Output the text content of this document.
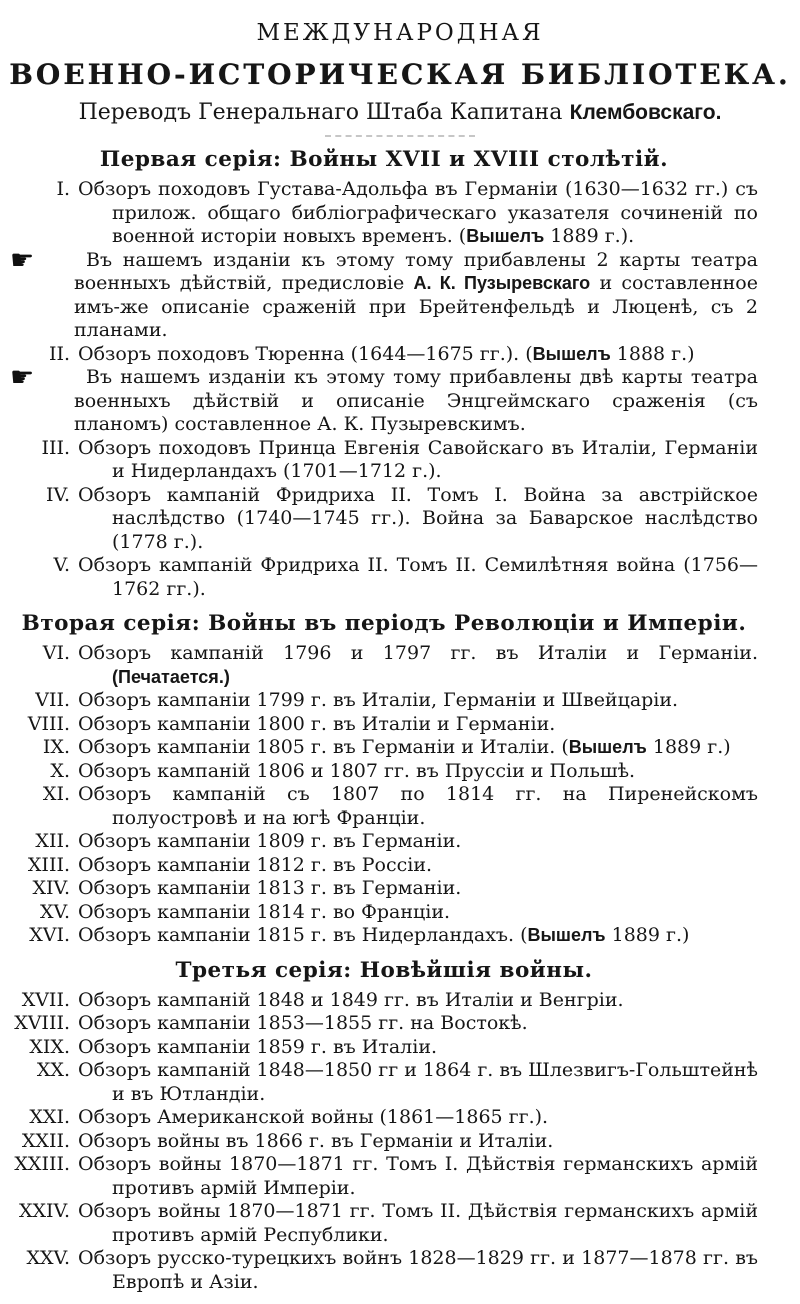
МЕЖДУНАРОДНАЯ
ВОЕННО-ИСТОРИЧЕСКАЯ БИБЛІОТЕКА.
Переводъ Генеральнаго Штаба Капитана Клембовскаго.
Первая серія: Войны XVII и XVIII столѣтій.
I. Обзоръ походовъ Густава-Адольфа въ Германіи (1630—1632 гг.) съ прилож. общаго библіографическаго указателя сочиненій по военной исторіи новыхъ временъ. (Вышелъ 1889 г.).
☛	Въ нашемъ изданіи къ этому тому прибавлены 2 карты театра военныхъ дѣйствій, предисловіе А. К. Пузыревскаго и составленное имъ-же описаніе сраженій при Брейтенфельдѣ и Люценѣ, съ 2 планами.
II. Обзоръ походовъ Тюренна (1644—1675 гг.). (Вышелъ 1888 г.)
☛	Въ нашемъ изданіи къ этому тому прибавлены двѣ карты театра военныхъ дѣйствій и описаніе Энцгеймскаго сраженія (съ планомъ) составленное А. К. Пузыревскимъ.
III. Обзоръ походовъ Принца Евгенія Савойскаго въ Италіи, Германіи и Нидерландахъ (1701—1712 г.).
IV. Обзоръ кампаній Фридриха II. Томъ I. Война за австрійское наслѣдство (1740—1745 гг.). Война за Баварское наслѣдство (1778 г.).
V. Обзоръ кампаній Фридриха II. Томъ II. Семилѣтняя война (1756—1762 гг.).
Вторая серія: Войны въ періодъ Революціи и Имперіи.
VI. Обзоръ кампаній 1796 и 1797 гг. въ Италіи и Германіи. (Печатается.)
VII. Обзоръ кампаніи 1799 г. въ Италіи, Германіи и Швейцаріи.
VIII. Обзоръ кампаніи 1800 г. въ Италіи и Германіи.
IX. Обзоръ кампаніи 1805 г. въ Германіи и Италіи. (Вышелъ 1889 г.)
X. Обзоръ кампаній 1806 и 1807 гг. въ Пруссіи и Польшѣ.
XI. Обзоръ кампаній съ 1807 по 1814 гг. на Пиренейскомъ полуостровѣ и на югѣ Франціи.
XII. Обзоръ кампаніи 1809 г. въ Германіи.
XIII. Обзоръ кампаніи 1812 г. въ Россіи.
XIV. Обзоръ кампаніи 1813 г. въ Германіи.
XV. Обзоръ кампаніи 1814 г. во Франціи.
XVI. Обзоръ кампаніи 1815 г. въ Нидерландахъ. (Вышелъ 1889 г.)
Третья серія: Новѣйшія войны.
XVII. Обзоръ кампаній 1848 и 1849 гг. въ Италіи и Венгріи.
XVIII. Обзоръ кампаніи 1853—1855 гг. на Востокѣ.
XIX. Обзоръ кампаніи 1859 г. въ Италіи.
XX. Обзоръ кампаній 1848—1850 гг и 1864 г. въ Шлезвигъ-Гольштейнѣ и въ Ютландіи.
XXI. Обзоръ Американской войны (1861—1865 гг.).
XXII. Обзоръ войны въ 1866 г. въ Германіи и Италіи.
XXIII. Обзоръ войны 1870—1871 гг. Томъ I. Дѣйствія германскихъ армій противъ армій Имперіи.
XXIV. Обзоръ войны 1870—1871 гг. Томъ II. Дѣйствія германскихъ армій противъ армій Республики.
XXV. Обзоръ русско-турецкихъ войнъ 1828—1829 гг. и 1877—1878 гг. въ Европѣ и Азіи.
